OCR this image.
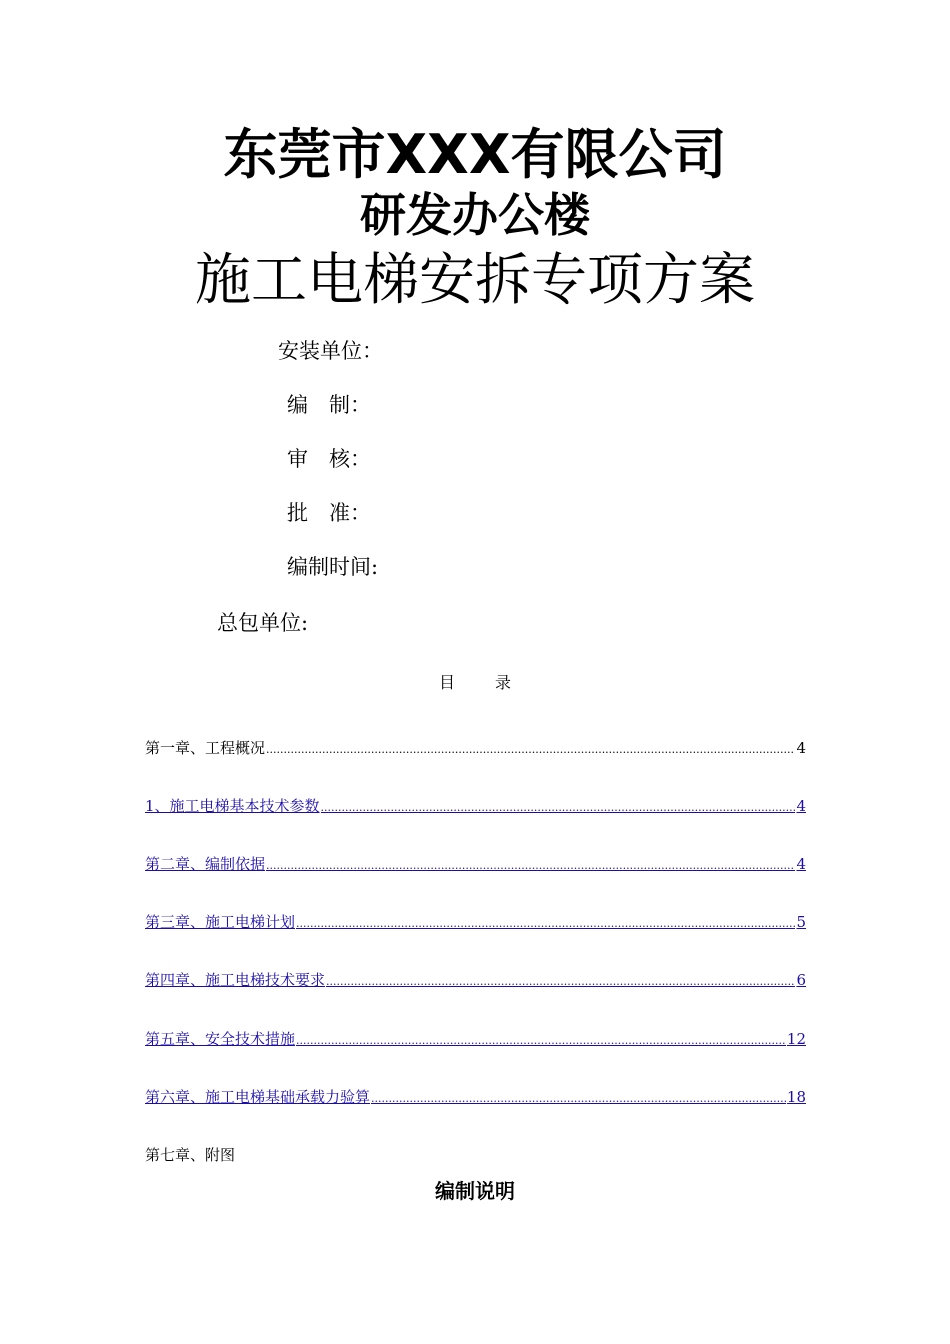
东莞市XXX有限公司
研发办公楼
施工电梯安拆专项方案
安装单位：
编　制：
审　核：
批　准：
编制时间:
总包单位:
目	录
第一章、工程概况 .....	4
1、施工电梯基本技术参数 .....	4
第二章、编制依据 .....	4
第三章、施工电梯计划 .....	5
第四章、施工电梯技术要求 .....	6
第五章、安全技术措施 .....	12
第六章、施工电梯基础承载力验算 .....	18
第七章、附图
编制说明
